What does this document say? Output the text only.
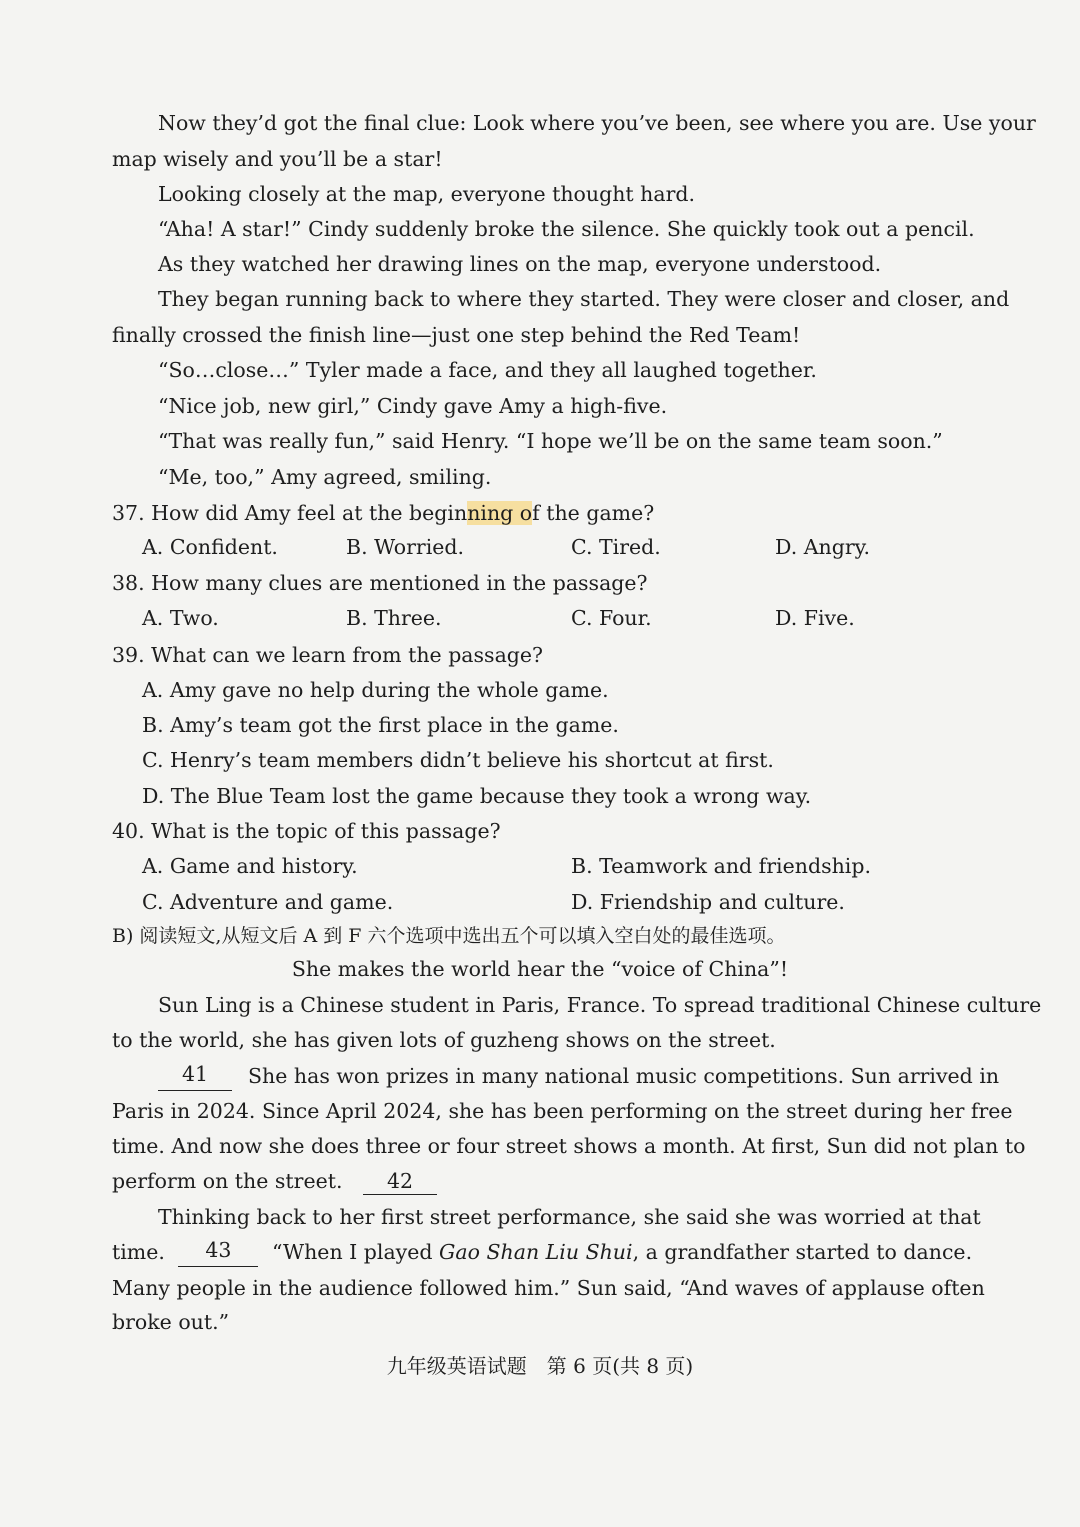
Now they’d got the final clue: Look where you’ve been, see where you are. Use your
map wisely and you’ll be a star!
Looking closely at the map, everyone thought hard.
“Aha! A star!” Cindy suddenly broke the silence. She quickly took out a pencil.
As they watched her drawing lines on the map, everyone understood.
They began running back to where they started. They were closer and closer, and
finally crossed the finish line—just one step behind the Red Team!
“So…close…” Tyler made a face, and they all laughed together.
“Nice job, new girl,” Cindy gave Amy a high-five.
“That was really fun,” said Henry. “I hope we’ll be on the same team soon.”
“Me, too,” Amy agreed, smiling.
37. How did Amy feel at the beginning of the game?
A. Confident.	B. Worried.	C. Tired.	D. Angry.
38. How many clues are mentioned in the passage?
A. Two.	B. Three.	C. Four.	D. Five.
39. What can we learn from the passage?
A. Amy gave no help during the whole game.
B. Amy’s team got the first place in the game.
C. Henry’s team members didn’t believe his shortcut at first.
D. The Blue Team lost the game because they took a wrong way.
40. What is the topic of this passage?
A. Game and history.	B. Teamwork and friendship.
C. Adventure and game.	D. Friendship and culture.
B) 阅读短文,从短文后 A 到 F 六个选项中选出五个可以填入空白处的最佳选项。
She makes the world hear the “voice of China”!
Sun Ling is a Chinese student in Paris, France. To spread traditional Chinese culture
to the world, she has given lots of guzheng shows on the street.
41	She has won prizes in many national music competitions. Sun arrived in
Paris in 2024. Since April 2024, she has been performing on the street during her free
time. And now she does three or four street shows a month. At first, Sun did not plan to
perform on the street. 42
Thinking back to her first street performance, she said she was worried at that
time.	43	“When I played Gao Shan Liu Shui, a grandfather started to dance.
Many people in the audience followed him.” Sun said, “And waves of applause often
broke out.”
九年级英语试题　第 6 页(共 8 页)
